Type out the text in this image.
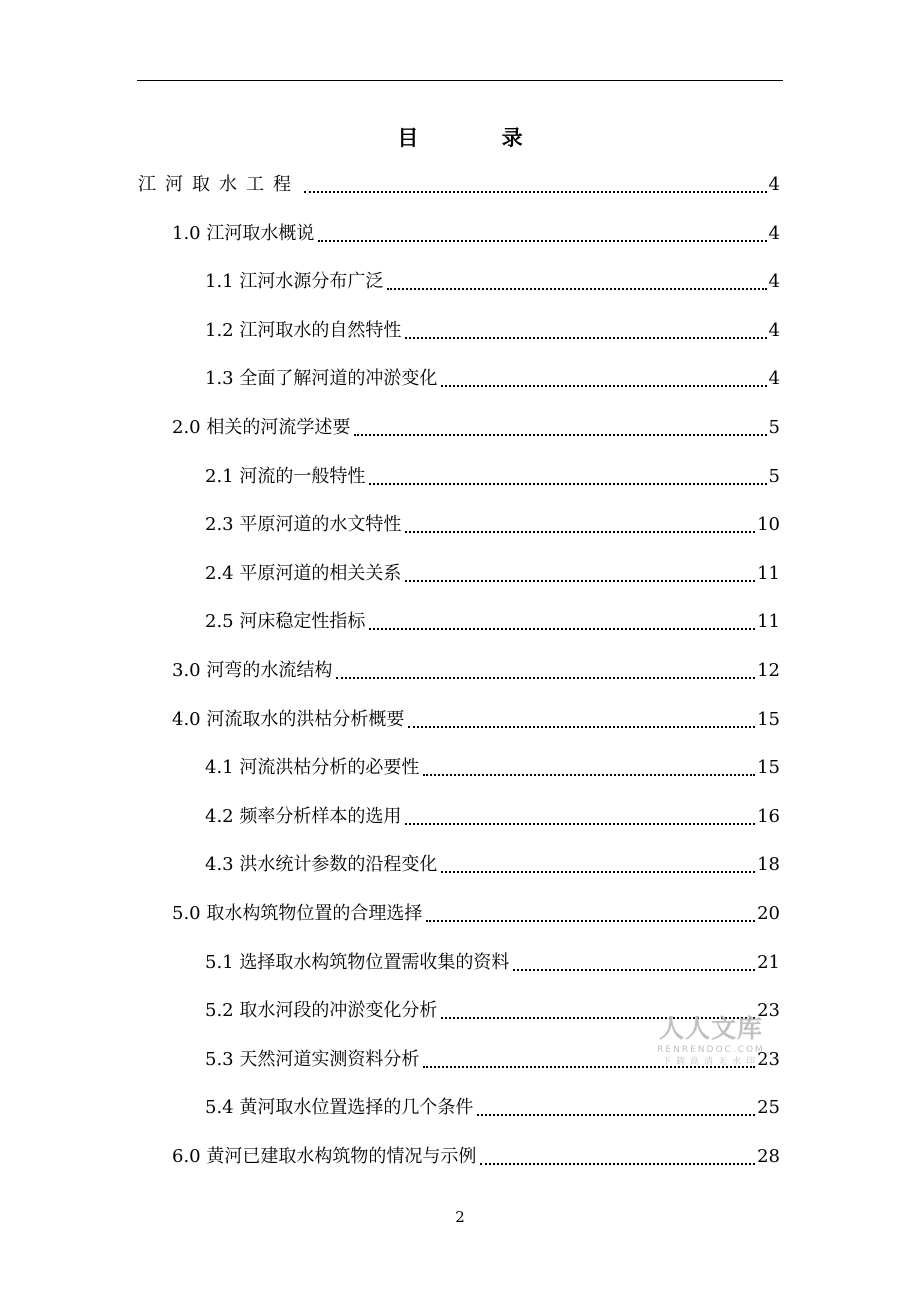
目 录
江河取水工程	4
1.0 江河取水概说	4
1.1 江河水源分布广泛	4
1.2 江河取水的自然特性	4
1.3 全面了解河道的冲淤变化	4
2.0 相关的河流学述要	5
2.1 河流的一般特性	5
2.3 平原河道的水文特性	10
2.4 平原河道的相关关系	11
2.5 河床稳定性指标	11
3.0 河弯的水流结构	12
4.0 河流取水的洪枯分析概要	15
4.1 河流洪枯分析的必要性	15
4.2 频率分析样本的选用	16
4.3 洪水统计参数的沿程变化	18
5.0 取水构筑物位置的合理选择	20
5.1 选择取水构筑物位置需收集的资料	21
5.2 取水河段的冲淤变化分析	23
5.3 天然河道实测资料分析	23
5.4 黄河取水位置选择的几个条件	25
6.0 黄河已建取水构筑物的情况与示例	28
2
人人文库
RENRENDOC.COM
下载高清无水印
